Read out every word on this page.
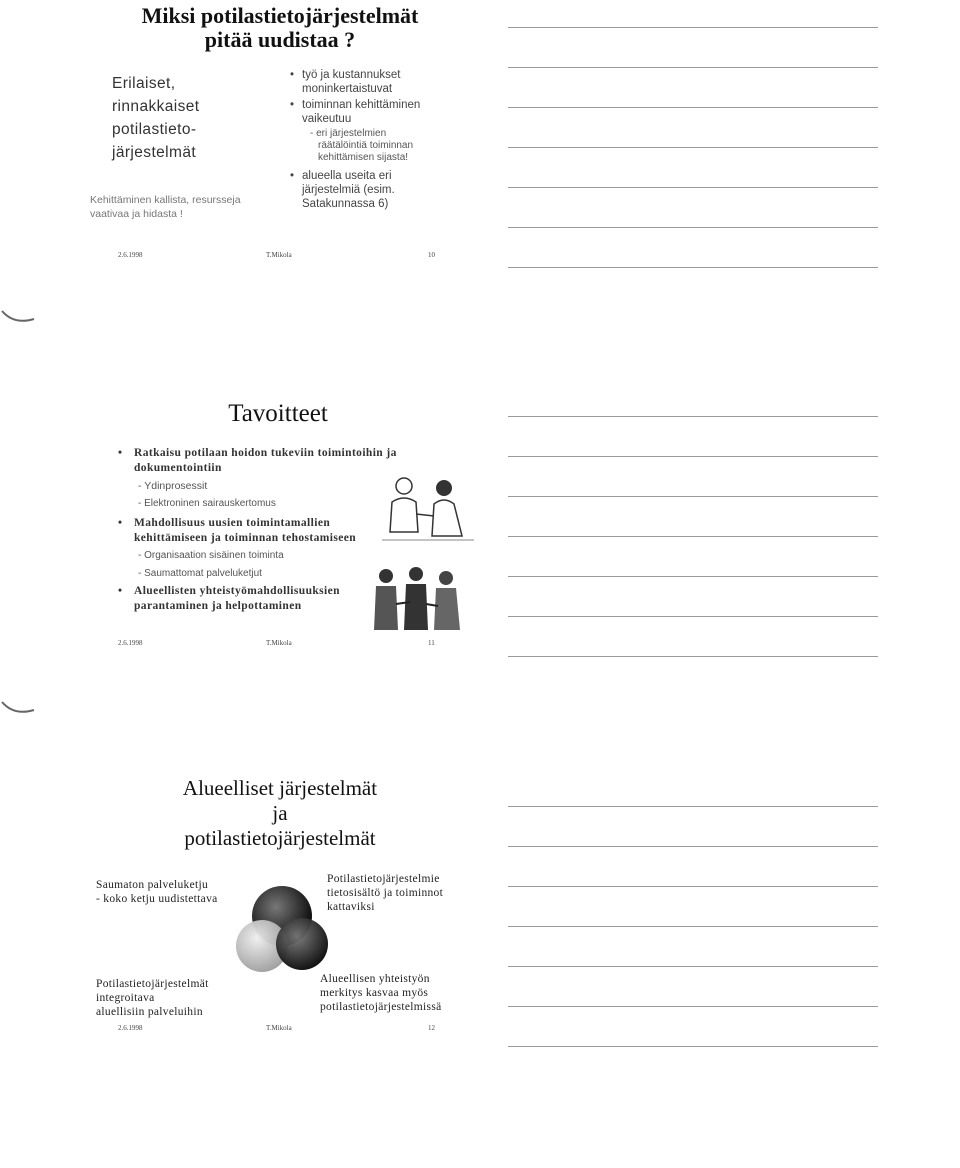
Miksi potilastietojärjestelmät
pitää uudistaa ?
Erilaiset,
rinnakkaiset
potilastieto-
järjestelmät
Kehittäminen kallista, resursseja
vaativaa ja hidasta !
• työ ja kustannukset
moninkertaistuvat
• toiminnan kehittäminen
vaikeutuu
- eri järjestelmien
räätälöintiä toiminnan
kehittämisen sijasta!
• alueella useita eri
järjestelmiä (esim.
Satakunnassa 6)
2.6.1998	T.Mikola	10
Tavoitteet
• Ratkaisu potilaan hoidon tukeviin toimintoihin ja dokumentointiin
- Ydinprosessit
- Elektroninen sairauskertomus
• Mahdollisuus uusien toimintamallien kehittämiseen ja toiminnan tehostamiseen
- Organisaation sisäinen toiminta
- Saumattomat palveluketjut
• Alueellisten yhteistyömahdollisuuksien parantaminen ja helpottaminen
2.6.1998	T.Mikola	11
Alueelliset järjestelmät
ja
potilastietojärjestelmät
Saumaton palveluketju
- koko ketju uudistettava
Potilastietojärjestelmie
tietosisältö ja toiminnot
kattaviksi
Potilastietojärjestelmät
integroitava
aluellisiin palveluihin
Alueellisen yhteistyön
merkitys kasvaa myös
potilastietojärjestelmissä
2.6.1998	T.Mikola	12
